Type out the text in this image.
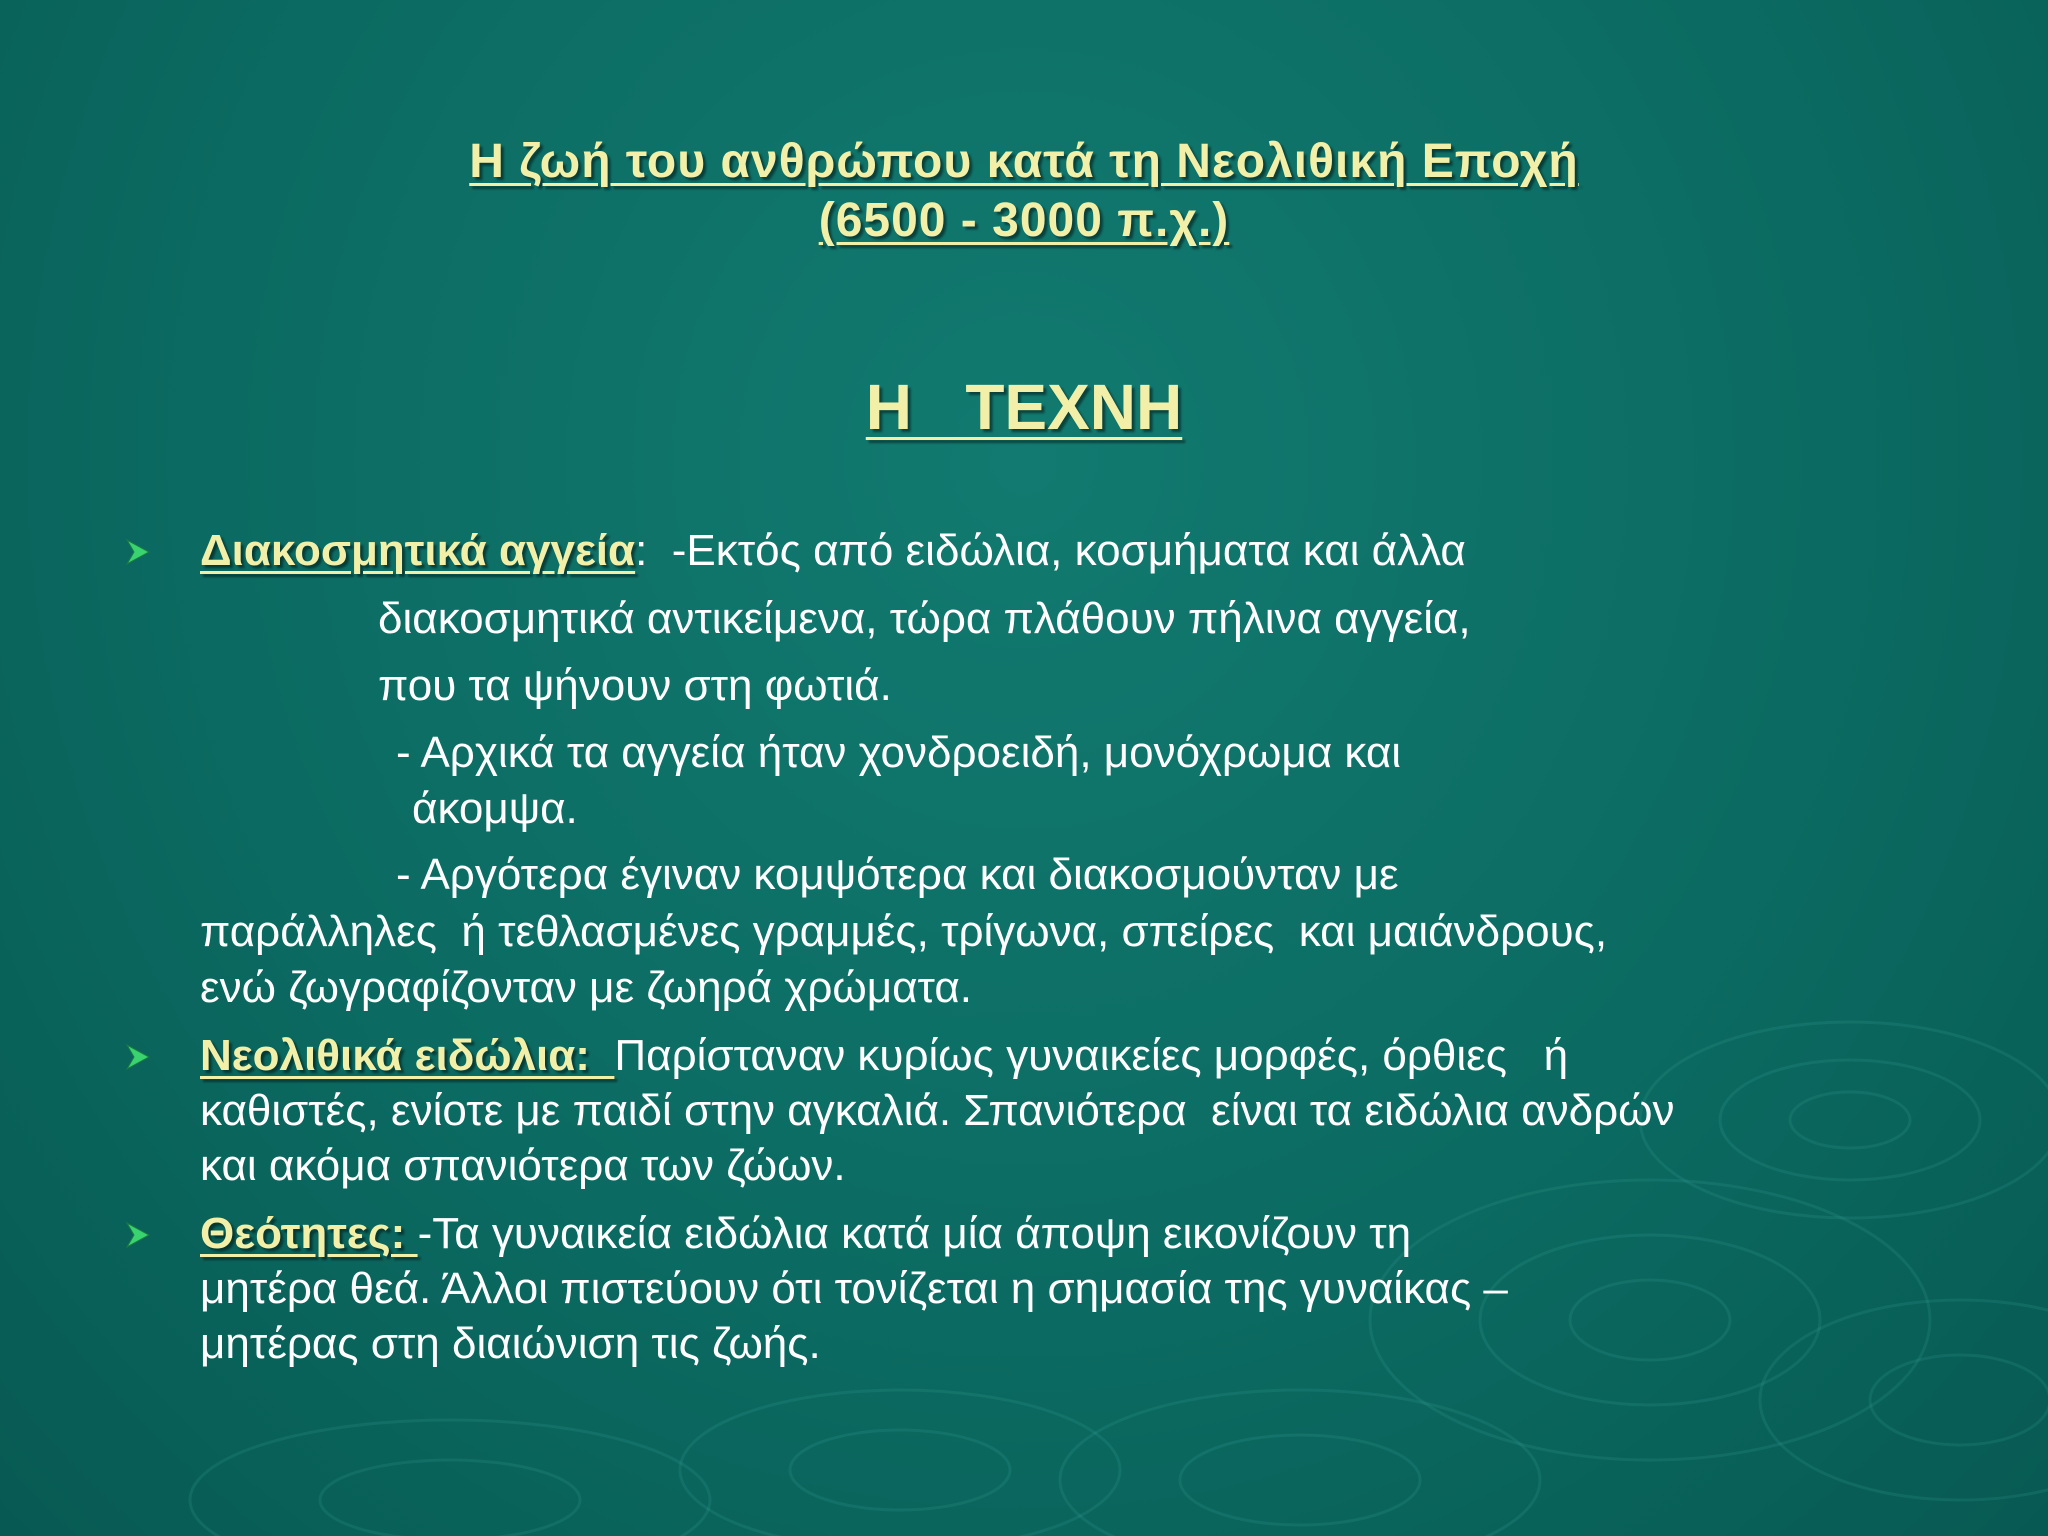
Η ζωή του ανθρώπου κατά τη Νεολιθική Εποχή
(6500 - 3000 π.χ.)
Η   ΤΕΧΝΗ
Διακοσμητικά αγγεία:  -Εκτός από ειδώλια, κοσμήματα και άλλα
διακοσμητικά αντικείμενα, τώρα πλάθουν πήλινα αγγεία,
που τα ψήνουν στη φωτιά.
- Αρχικά τα αγγεία ήταν χονδροειδή, μονόχρωμα και
άκομψα.
- Αργότερα έγιναν κομψότερα και διακοσμούνταν με
παράλληλες  ή τεθλασμένες γραμμές, τρίγωνα, σπείρες  και μαιάνδρους,
ενώ ζωγραφίζονταν με ζωηρά χρώματα.
Νεολιθικά ειδώλια:  Παρίσταναν κυρίως γυναικείες μορφές, όρθιες   ή
καθιστές, ενίοτε με παιδί στην αγκαλιά. Σπανιότερα  είναι τα ειδώλια ανδρών
και ακόμα σπανιότερα των ζώων.
Θεότητες: -Τα γυναικεία ειδώλια κατά μία άποψη εικονίζουν τη
μητέρα θεά. Άλλοι πιστεύουν ότι τονίζεται η σημασία της γυναίκας –
μητέρας στη διαιώνιση τις ζωής.
